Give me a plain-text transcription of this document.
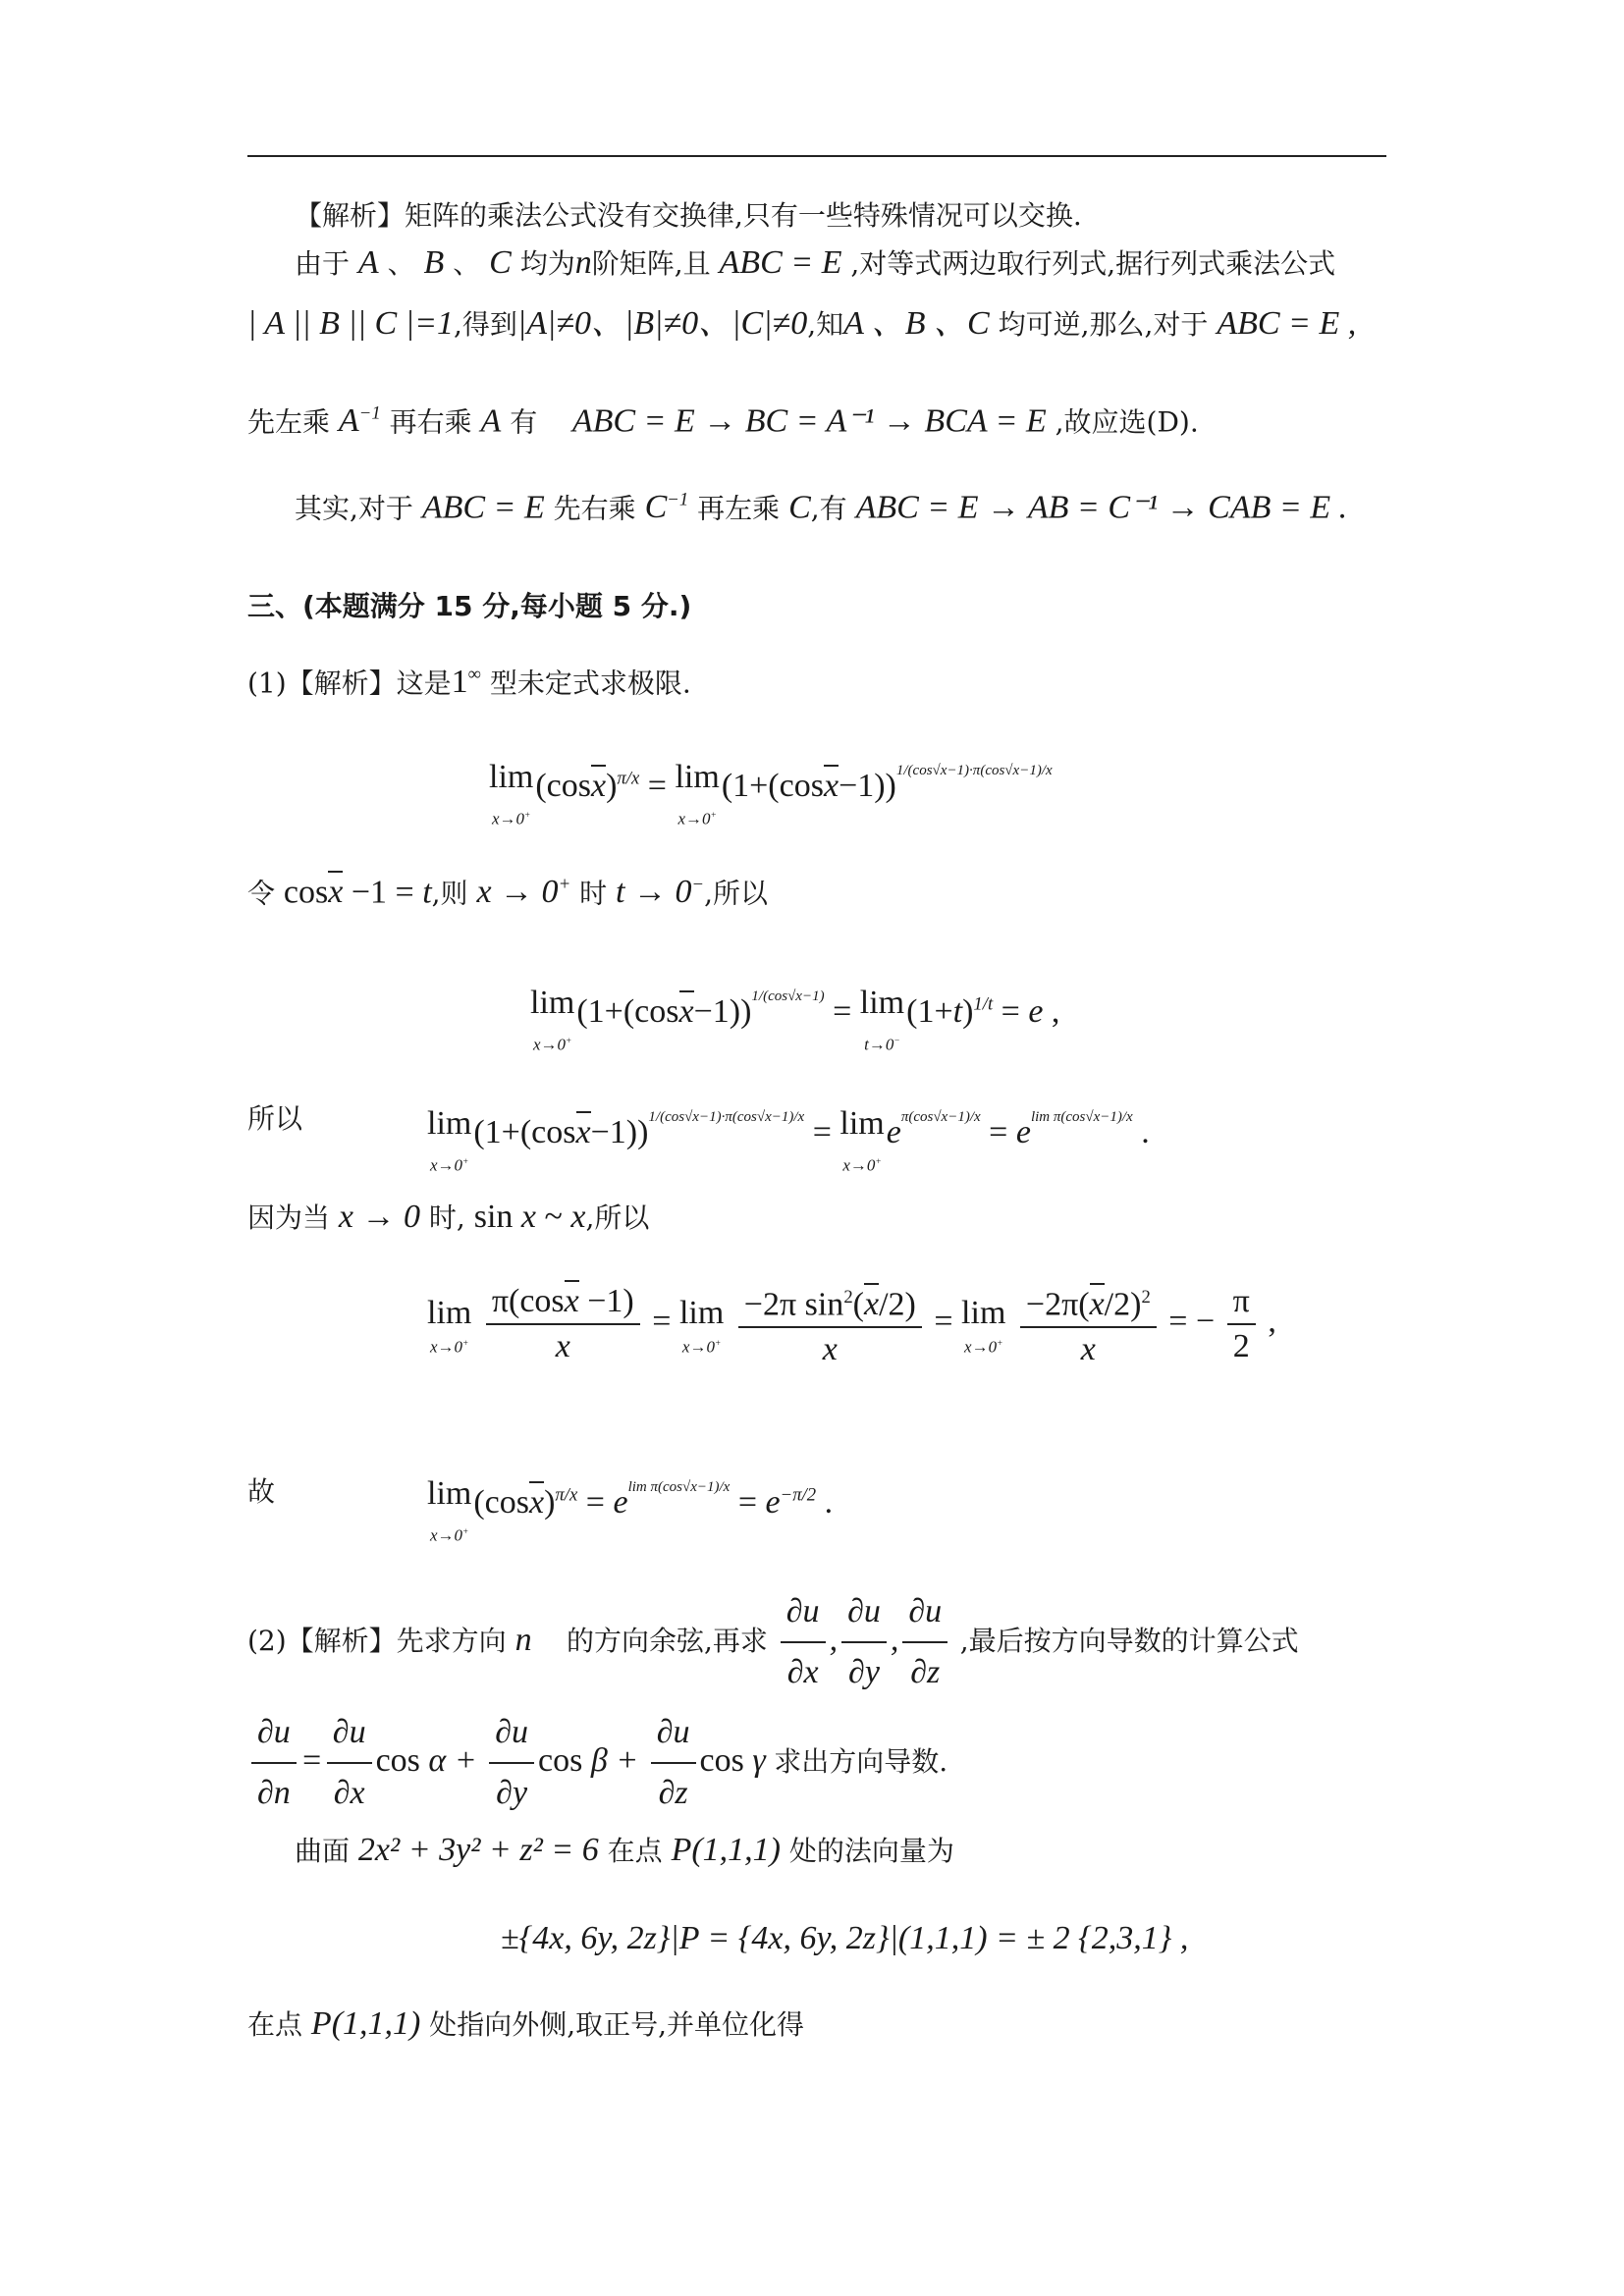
【解析】矩阵的乘法公式没有交换律,只有一些特殊情况可以交换.
由于 A 、 B 、 C 均为n阶矩阵,且 ABC = E ,对等式两边取行列式,据行列式乘法公式
| A || B || C |=1,得到|A|≠0、|B|≠0、|C|≠0,知A 、B 、C 均可逆,那么,对于 ABC = E ,
先左乘 $A^{-1}$ 再右乘 A 有 ABC = E → BC = A⁻¹ → BCA = E ,故应选(D).
其实,对于 ABC = E 先右乘 $C^{-1}$ 再左乘 C,有 ABC = E → AB = C⁻¹ → CAB = E .
三、(本题满分 15 分,每小题 5 分.)
(1)【解析】这是1∞ 型未定式求极限.
lim
x→0+
$(\cos x)^{\pi/x} = \lim$
x→0+
$(1+(\cos x-1))^{1/(cos√x-1)\cdot\pi(cos√x-1)/x}$
令 cosx −1 = t,则 x → 0+ 时 t → 0−,所以
lim
x→0+
$(1+(\cos x-1))^{1/(cos√x-1)} = \lim$
t→0−
$(1+t)^{1/t} = e$ ,
所以	lim
x→0+
$(1+(\cos x-1))^{1/(cos√x-1)\cdot\pi(cos√x-1)/x} = \lim$
x→0+
$e^{\pi(cos√x-1)/x} = e^{lim \pi(cos√x-1)/x}$ .
因为当 x → 0 时, sin x ~ x,所以
lim
x→0+
$\frac{\pi(\cos x -1)}{x} = \lim$
x→0+
$\frac{-2\pi \sin^2(x/2)}{x} = \lim$
x→0+
$\frac{-2\pi(x/2)^2}{x}$ = − $\frac{\pi}{2}$ ,
故	lim
x→0+
$(\cos x)^{\pi/x} = e^{lim \pi(cos√x-1)/x} = e^{-\pi/2}$ .
(2)【解析】先求方向 n⃗ 的方向余弦,再求 $\frac{\partial u}{\partial x}$ , $\frac{\partial u}{\partial y}$ , $\frac{\partial u}{\partial z}$ ,最后按方向导数的计算公式
$\frac{\partial u}{\partial n} = \frac{\partial u}{\partial x}$ $\cos \alpha + \frac{\partial u}{\partial y}$ $\cos \beta + \frac{\partial u}{\partial z}$ cos γ 求出方向导数.
曲面 2x² + 3y² + z² = 6 在点 P(1,1,1) 处的法向量为
±{4x, 6y, 2z}|P = {4x, 6y, 2z}|(1,1,1) = ± 2 {2,3,1} ,
在点 P(1,1,1) 处指向外侧,取正号,并单位化得
